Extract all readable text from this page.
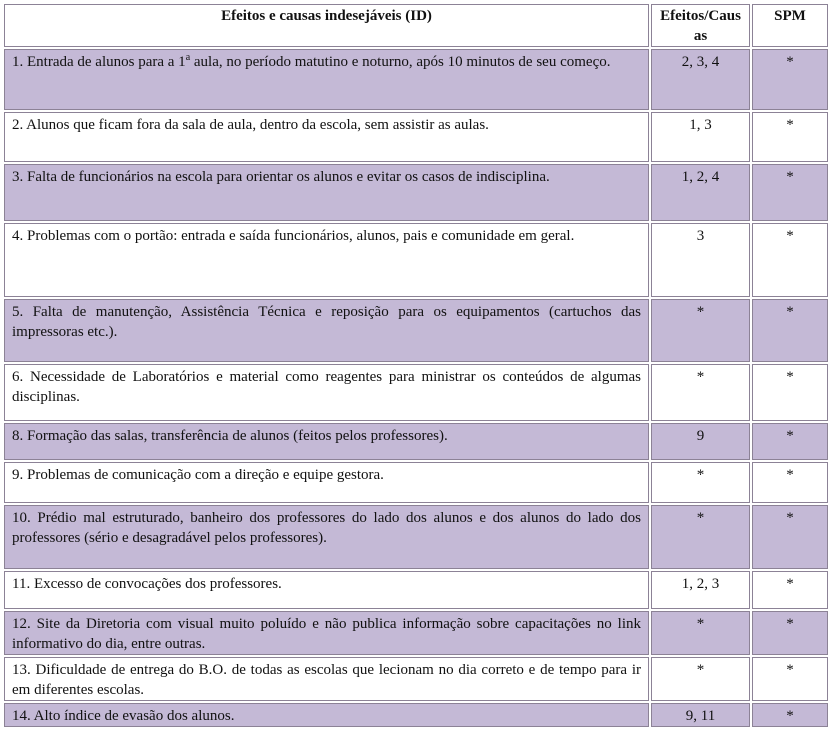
Efeitos e causas indesejáveis (ID)	Efeitos/Causas	SPM
1. Entrada de alunos para a 1$^a$ aula, no período matutino e noturno, após 10 minutos de seu começo.	2, 3, 4	*
2. Alunos que ficam fora da sala de aula, dentro da escola, sem assistir as aulas.	1, 3	*
3. Falta de funcionários na escola para orientar os alunos e evitar os casos de indisciplina.	1, 2, 4	*
4. Problemas com o portão: entrada e saída funcionários, alunos, pais e comunidade em geral.	3	*
5. Falta de manutenção, Assistência Técnica e reposição para os equipamentos (cartuchos das impressoras etc.).	*	*
6. Necessidade de Laboratórios e material como reagentes para ministrar os conteúdos de algumas disciplinas.	*	*
8. Formação das salas, transferência de alunos (feitos pelos professores).	9	*
9. Problemas de comunicação com a direção e equipe gestora.	*	*
10. Prédio mal estruturado, banheiro dos professores do lado dos alunos e dos alunos do lado dos professores (sério e desagradável pelos professores).	*	*
11. Excesso de convocações dos professores.	1, 2, 3	*
12. Site da Diretoria com visual muito poluído e não publica informação sobre capacitações no link informativo do dia, entre outras.	*	*
13. Dificuldade de entrega do B.O. de todas as escolas que lecionam no dia correto e de tempo para ir em diferentes escolas.	*	*
14. Alto índice de evasão dos alunos.	9, 11	*
